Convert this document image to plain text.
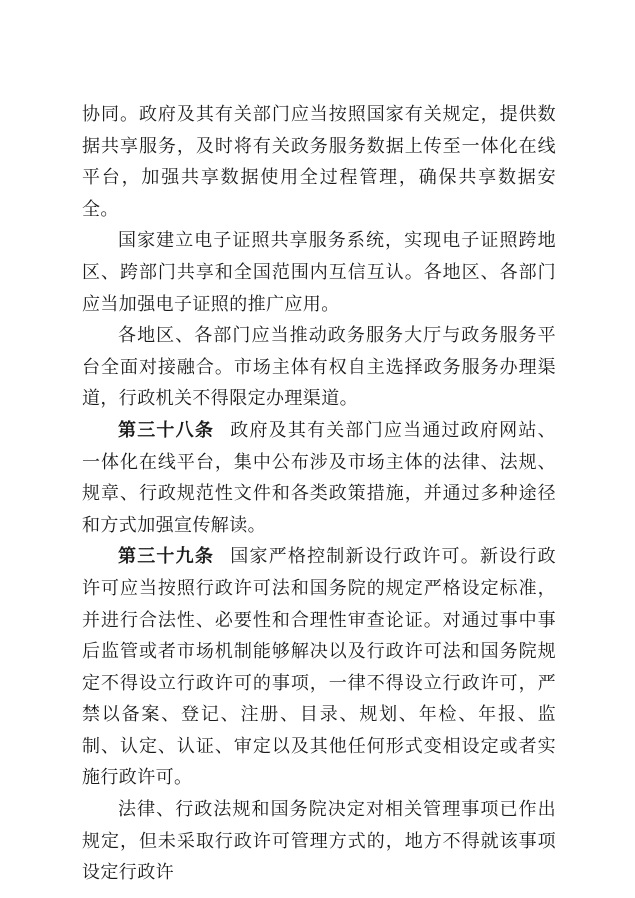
协同。政府及其有关部门应当按照国家有关规定，提供数据共享服务，及时将有关政务服务数据上传至一体化在线平台，加强共享数据使用全过程管理，确保共享数据安全。

国家建立电子证照共享服务系统，实现电子证照跨地区、跨部门共享和全国范围内互信互认。各地区、各部门应当加强电子证照的推广应用。

各地区、各部门应当推动政务服务大厅与政务服务平台全面对接融合。市场主体有权自主选择政务服务办理渠道，行政机关不得限定办理渠道。

第三十八条 政府及其有关部门应当通过政府网站、一体化在线平台，集中公布涉及市场主体的法律、法规、规章、行政规范性文件和各类政策措施，并通过多种途径和方式加强宣传解读。

第三十九条 国家严格控制新设行政许可。新设行政许可应当按照行政许可法和国务院的规定严格设定标准，并进行合法性、必要性和合理性审查论证。对通过事中事后监管或者市场机制能够解决以及行政许可法和国务院规定不得设立行政许可的事项，一律不得设立行政许可，严禁以备案、登记、注册、目录、规划、年检、年报、监制、认定、认证、审定以及其他任何形式变相设定或者实施行政许可。

法律、行政法规和国务院决定对相关管理事项已作出规定，但未采取行政许可管理方式的，地方不得就该事项设定行政许
